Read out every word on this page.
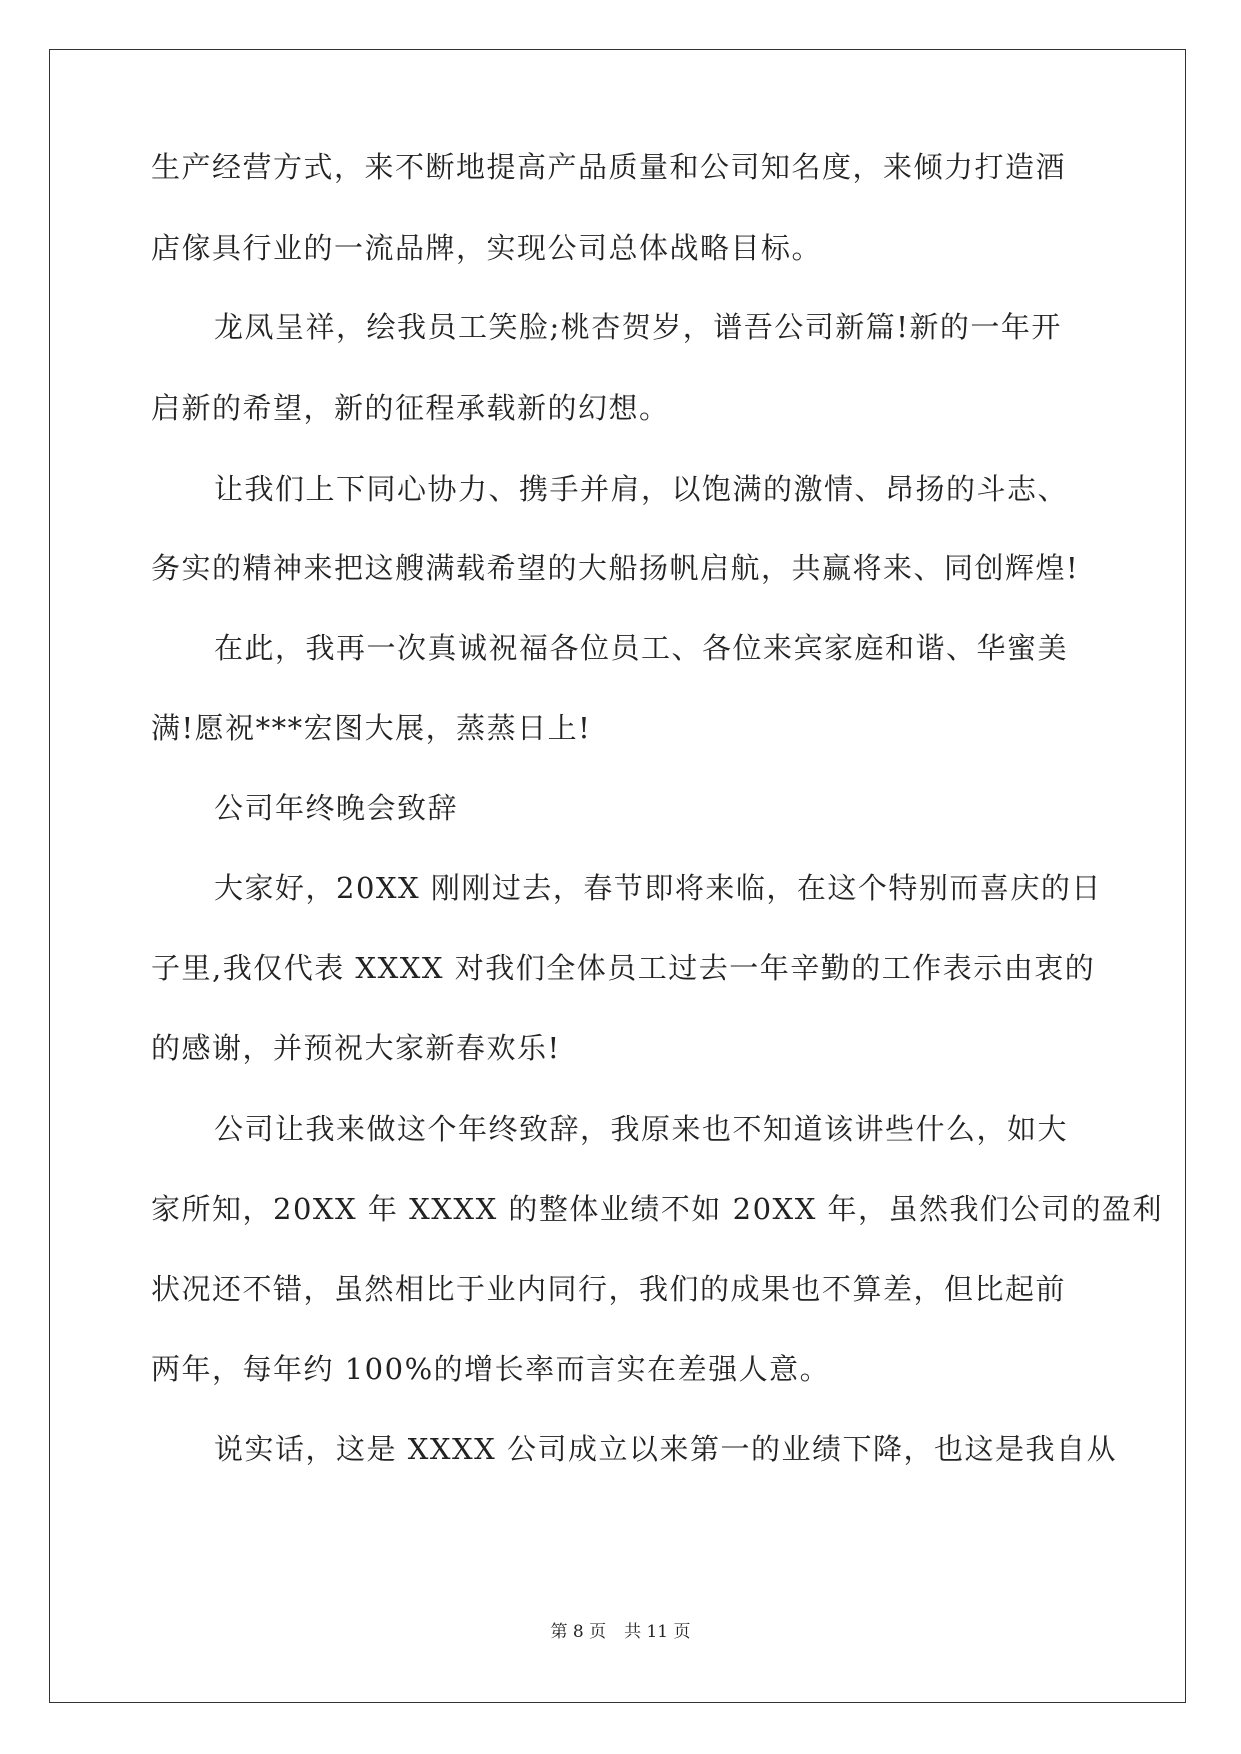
生产经营方式，来不断地提高产品质量和公司知名度，来倾力打造酒
店傢具行业的一流品牌，实现公司总体战略目标。
龙凤呈祥，绘我员工笑脸;桃杏贺岁，谱吾公司新篇!新的一年开
启新的希望，新的征程承载新的幻想。
让我们上下同心协力、携手并肩，以饱满的激情、昂扬的斗志、
务实的精神来把这艘满载希望的大船扬帆启航，共赢将来、同创辉煌!
在此，我再一次真诚祝福各位员工、各位来宾家庭和谐、华蜜美
满!愿祝***宏图大展，蒸蒸日上!
公司年终晚会致辞
大家好，20XX 刚刚过去，春节即将来临，在这个特别而喜庆的日
子里,我仅代表 XXXX 对我们全体员工过去一年辛勤的工作表示由衷的
的感谢，并预祝大家新春欢乐!
公司让我来做这个年终致辞，我原来也不知道该讲些什么，如大
家所知，20XX 年 XXXX 的整体业绩不如 20XX 年，虽然我们公司的盈利
状况还不错，虽然相比于业内同行，我们的成果也不算差，但比起前
两年，每年约 100%的增长率而言实在差强人意。
说实话，这是 XXXX 公司成立以来第一的业绩下降，也这是我自从
第 8 页 共 11 页
